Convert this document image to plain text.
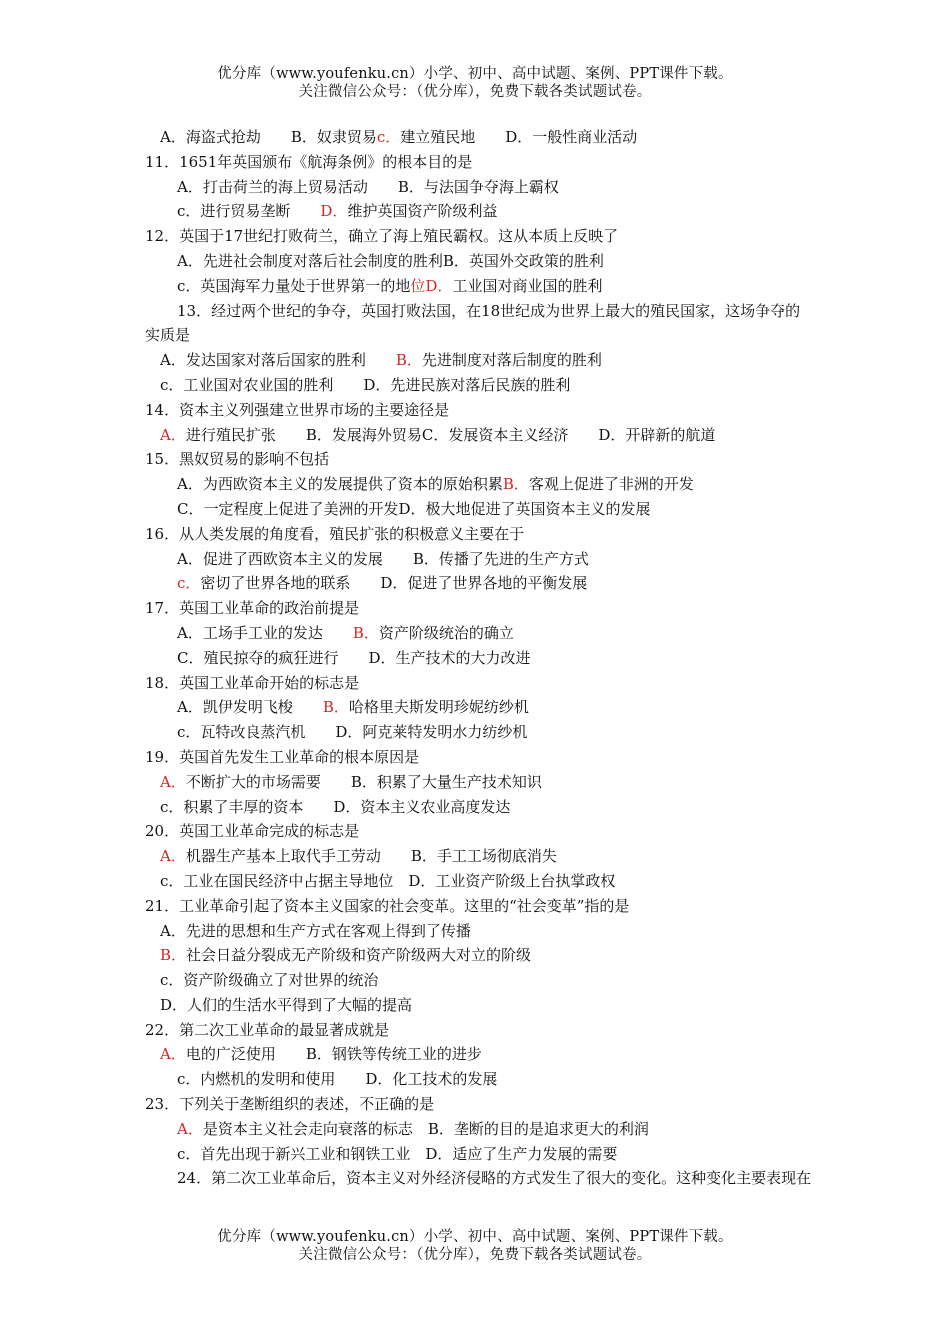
优分库（www.youfenku.cn）小学、初中、高中试题、案例、PPT课件下载。
关注微信公众号：（优分库），免费下载各类试题试卷。
A．海盗式抢劫　　B．奴隶贸易c．建立殖民地　　D．一般性商业活动
11．1651年英国颁布《航海条例》的根本目的是
A．打击荷兰的海上贸易活动　　B．与法国争夺海上霸权
c．进行贸易垄断　　D．维护英国资产阶级利益
12．英国于17世纪打败荷兰，确立了海上殖民霸权。这从本质上反映了
A．先进社会制度对落后社会制度的胜利B．英国外交政策的胜利
c．英国海军力量处于世界第一的地位D．工业国对商业国的胜利
13．经过两个世纪的争夺，英国打败法国，在18世纪成为世界上最大的殖民国家，这场争夺的实质是
A．发达国家对落后国家的胜利　　B．先进制度对落后制度的胜利
c．工业国对农业国的胜利　　D．先进民族对落后民族的胜利
14．资本主义列强建立世界市场的主要途径是
A．进行殖民扩张　　B．发展海外贸易C．发展资本主义经济　　D．开辟新的航道
15．黑奴贸易的影响不包括
A．为西欧资本主义的发展提供了资本的原始积累B．客观上促进了非洲的开发
C．一定程度上促进了美洲的开发D．极大地促进了英国资本主义的发展
16．从人类发展的角度看，殖民扩张的积极意义主要在于
A．促进了西欧资本主义的发展　　B．传播了先进的生产方式
c．密切了世界各地的联系　　D．促进了世界各地的平衡发展
17．英国工业革命的政治前提是
A．工场手工业的发达　　B．资产阶级统治的确立
C．殖民掠夺的疯狂进行　　D．生产技术的大力改进
18．英国工业革命开始的标志是
A．凯伊发明飞梭　　B．哈格里夫斯发明珍妮纺纱机
c．瓦特改良蒸汽机　　D．阿克莱特发明水力纺纱机
19．英国首先发生工业革命的根本原因是
A．不断扩大的市场需要　　B．积累了大量生产技术知识
c．积累了丰厚的资本　　D．资本主义农业高度发达
20．英国工业革命完成的标志是
A．机器生产基本上取代手工劳动　　B．手工工场彻底消失
c．工业在国民经济中占据主导地位　D．工业资产阶级上台执掌政权
21．工业革命引起了资本主义国家的社会变革。这里的“社会变革”指的是
A．先进的思想和生产方式在客观上得到了传播
B．社会日益分裂成无产阶级和资产阶级两大对立的阶级
c．资产阶级确立了对世界的统治
D．人们的生活水平得到了大幅的提高
22．第二次工业革命的最显著成就是
A．电的广泛使用　　B．钢铁等传统工业的进步
c．内燃机的发明和使用　　D．化工技术的发展
23．下列关于垄断组织的表述，不正确的是
A．是资本主义社会走向衰落的标志　B．垄断的目的是追求更大的利润
c．首先出现于新兴工业和钢铁工业　D．适应了生产力发展的需要
24．第二次工业革命后，资本主义对外经济侵略的方式发生了很大的变化。这种变化主要表现在
优分库（www.youfenku.cn）小学、初中、高中试题、案例、PPT课件下载。
关注微信公众号：（优分库），免费下载各类试题试卷。
